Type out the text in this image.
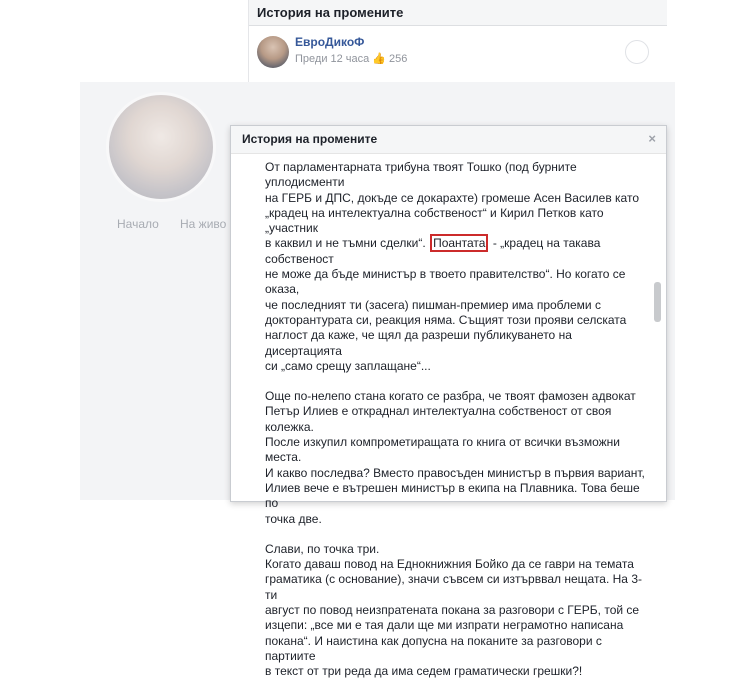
История на промените
ЕвроДикоФ
Преди 12 часа 👍 256
Начало На живо
История на промените	×

От парламентарната трибуна твоят Тошко (под бурните уплодисменти
на ГЕРБ и ДПС, докъде се докарахте) громеше Асен Василев като
„крадец на интелектуална собственост“ и Кирил Петков като „участник
в каквил и не тъмни сделки“. Поантата - „крадец на такава собственост
не може да бъде министър в твоето правителство“. Но когато се оказа,
че последният ти (засега) пишман-премиер има проблеми с
докторантурата си, реакция няма. Същият този прояви селската
наглост да каже, че щял да разреши публикуването на дисертацията
си „само срещу заплащане“...

Още по-нелепо стана когато се разбра, че твоят фамозен адвокат
Петър Илиев е откраднал интелектуална собственост от своя колежка.
После изкупил компрометиращата го книга от всички възможни места.
И какво последва? Вместо правосъден министър в първия вариант,
Илиев вече е вътрешен министър в екипа на Плавника. Това беше по
точка две.

Слави, по точка три.
Когато даваш повод на Еднокнижния Бойко да се гаври на темата
граматика (с основание), значи съвсем си изтърввал нещата. На 3-ти
август по повод неизпратената покана за разговори с ГЕРБ, той се
изцепи: „все ми е тая дали ще ми изпрати неграмотно написана
покана“. И наистина как допусна на поканите за разговори с партиите
в текст от три реда да има седем граматически грешки?!
